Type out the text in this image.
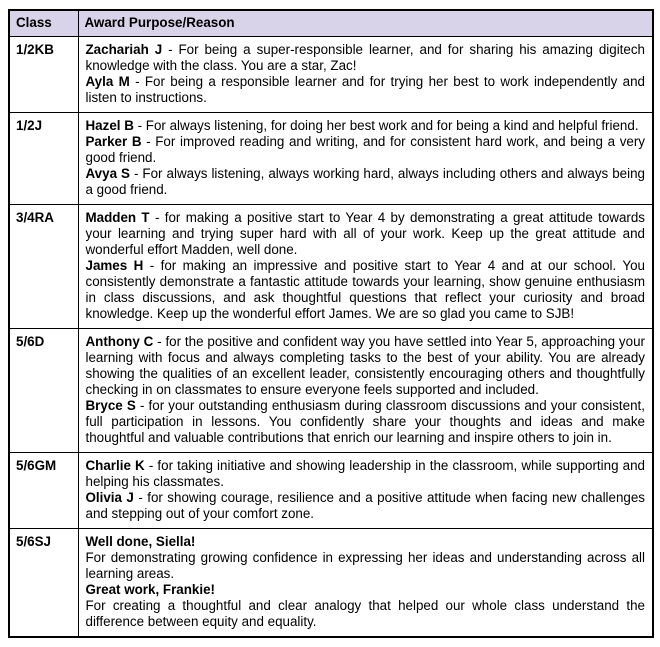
Class	Award Purpose/Reason
1/2KB	Zachariah J - For being a super-responsible learner, and for sharing his amazing digitech knowledge with the class. You are a star, Zac!

Ayla M - For being a responsible learner and for trying her best to work independently and listen to instructions.

1/2J	Hazel B - For always listening, for doing her best work and for being a kind and helpful friend.

Parker B - For improved reading and writing, and for consistent hard work, and being a very good friend.

Avya S - For always listening, always working hard, always including others and always being a good friend.

3/4RA	Madden T - for making a positive start to Year 4 by demonstrating a great attitude towards your learning and trying super hard with all of your work. Keep up the great attitude and wonderful effort Madden, well done.

James H - for making an impressive and positive start to Year 4 and at our school. You consistently demonstrate a fantastic attitude towards your learning, show genuine enthusiasm in class discussions, and ask thoughtful questions that reflect your curiosity and broad knowledge. Keep up the wonderful effort James. We are so glad you came to SJB!

5/6D	Anthony C - for the positive and confident way you have settled into Year 5, approaching your learning with focus and always completing tasks to the best of your ability. You are already showing the qualities of an excellent leader, consistently encouraging others and thoughtfully checking in on classmates to ensure everyone feels supported and included.

Bryce S - for your outstanding enthusiasm during classroom discussions and your consistent, full participation in lessons. You confidently share your thoughts and ideas and make thoughtful and valuable contributions that enrich our learning and inspire others to join in.

5/6GM	Charlie K - for taking initiative and showing leadership in the classroom, while supporting and helping his classmates.

Olivia J - for showing courage, resilience and a positive attitude when facing new challenges and stepping out of your comfort zone.

5/6SJ	Well done, Siella!
For demonstrating growing confidence in expressing her ideas and understanding across all learning areas.

Great work, Frankie!
For creating a thoughtful and clear analogy that helped our whole class understand the difference between equity and equality.
